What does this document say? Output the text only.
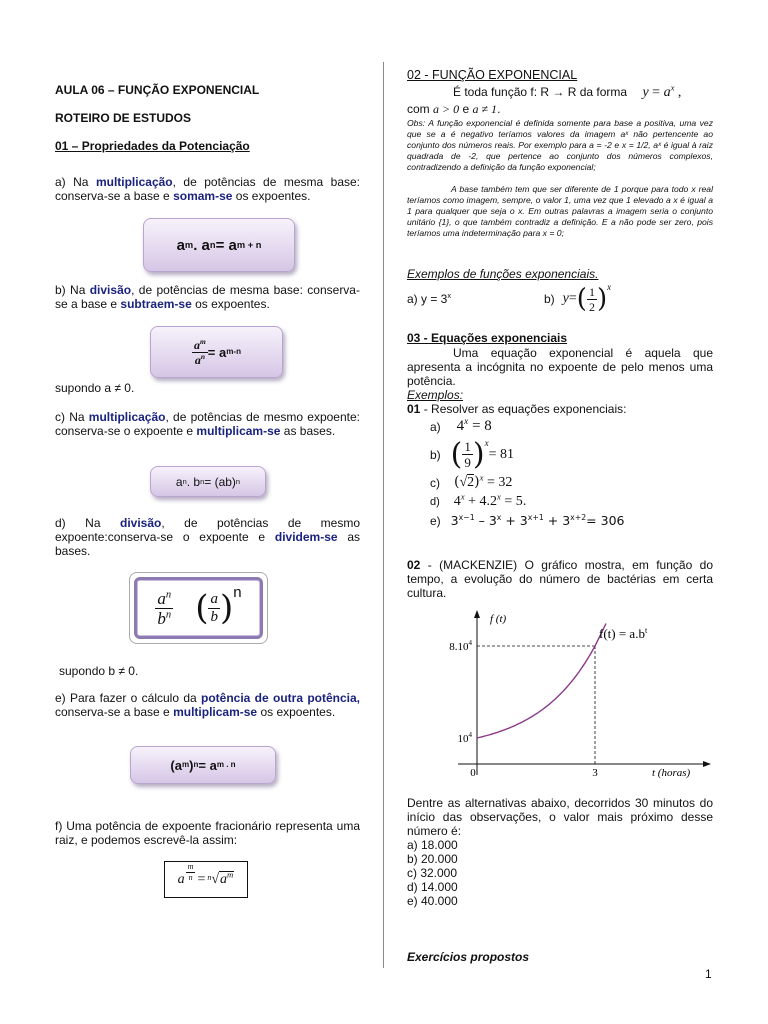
AULA 06 – FUNÇÃO EXPONENCIAL
ROTEIRO DE ESTUDOS
01 – Propriedades da Potenciação

a) Na multiplicação, de potências de mesma base: conserva-se a base e somam-se os expoentes.

a m . a n = a m + n

b) Na divisão, de potências de mesma base: conserva-se a base e subtraem-se os expoentes.

$\frac{a^m}{a^n} = a$ m-n
supondo a ≠ 0.

c) Na multiplicação, de potências de mesmo expoente: conserva-se o expoente e multiplicam-se as bases.

a n . b n = (ab) n

d) Na divisão, de potências de mesmo expoente:conserva-se o expoente e dividem-se as bases.

$\frac{a^n}{b^n}$ ( $\frac{a}{b}$ ) n
supondo b ≠ 0.

e) Para fazer o cálculo da potência de outra potência, conserva-se a base e multiplicam-se os expoentes.

(a m ) n = a m . n

f) Uma potência de expoente fracionário representa uma raiz, e podemos escrevê-la assim:

a $\frac{m}{n} = ^n$ √ $a^m$
02 - FUNÇÃO EXPONENCIAL
É toda função f: R → R da forma $y = a^x$ ,
com a > 0 e a ≠ 1.

Obs: A função exponencial é definida somente para base a positiva, uma vez que se a é negativo teríamos valores da imagem aˣ não pertencente ao conjunto dos números reais. Por exemplo para a = -2 e x = 1/2, aˣ é igual à raiz quadrada de -2, que pertence ao conjunto dos números complexos, contradizendo a definição da função exponencial;

A base também tem que ser diferente de 1 porque para todo x real teríamos como imagem, sempre, o valor 1, uma vez que 1 elevado a x é igual a 1 para qualquer que seja o x. Em outras palavras a imagem seria o conjunto unitário {1}, o que também contradiz a definição. E a não pode ser zero, pois teríamos uma indeterminação para x = 0;

Exemplos de funções exponenciais.
a) $y = 3^x$	b) y = ( $\frac{1}{2}$ ) x
03 - Equações exponenciais

Uma equação exponencial é aquela que apresenta a incógnita no expoente de pelo menos uma potência.

Exemplos:
01 - Resolver as equações exponenciais:
a) $4^x = 8$
b) ( $\frac{1}{9}$ ) x
= 81
c) $(√2)^x = 32$
d) $4^x + 4.2^x = 5$.
e) $3^{x-1} - 3^x + 3^{x+1} + 3^{x+2}= 306$

02 - (MACKENZIE) O gráfico mostra, em função do tempo, a evolução do número de bactérias em certa cultura.

f (t)
8.10$^4$
$10^4$
0	3	t (horas)
$f(t) = a.b^t$

Dentre as alternativas abaixo, decorridos 30 minutos do início das observações, o valor mais próximo desse número é:

a) 18.000
b) 20.000
c) 32.000
d) 14.000
e) 40.000
Exercícios propostos
1
